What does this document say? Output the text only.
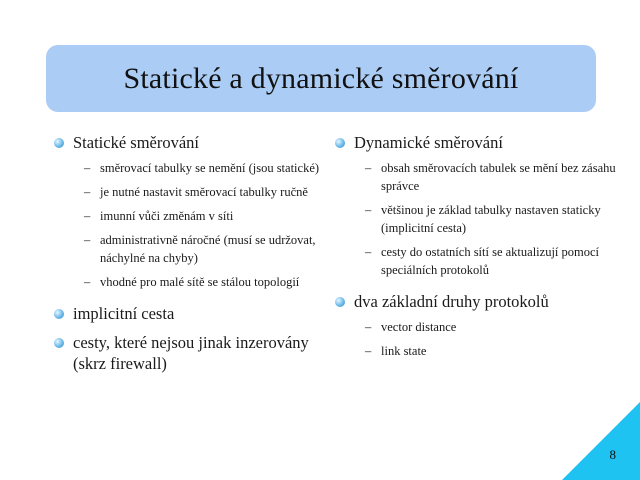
Statické a dynamické směrování
Statické směrování
– směrovací tabulky se nemění (jsou statické)
– je nutné nastavit směrovací tabulky ručně
– imunní vůči změnám v síti
– administrativně náročné (musí se udržovat, náchylné na chyby)
– vhodné pro malé sítě se stálou topologií
implicitní cesta
cesty, které nejsou jinak inzerovány (skrz firewall)
Dynamické směrování
– obsah směrovacích tabulek se mění bez zásahu správce
– většinou je základ tabulky nastaven staticky (implicitní cesta)
– cesty do ostatních sítí se aktualizují pomocí speciálních protokolů
dva základní druhy protokolů
– vector distance
– link state
8
